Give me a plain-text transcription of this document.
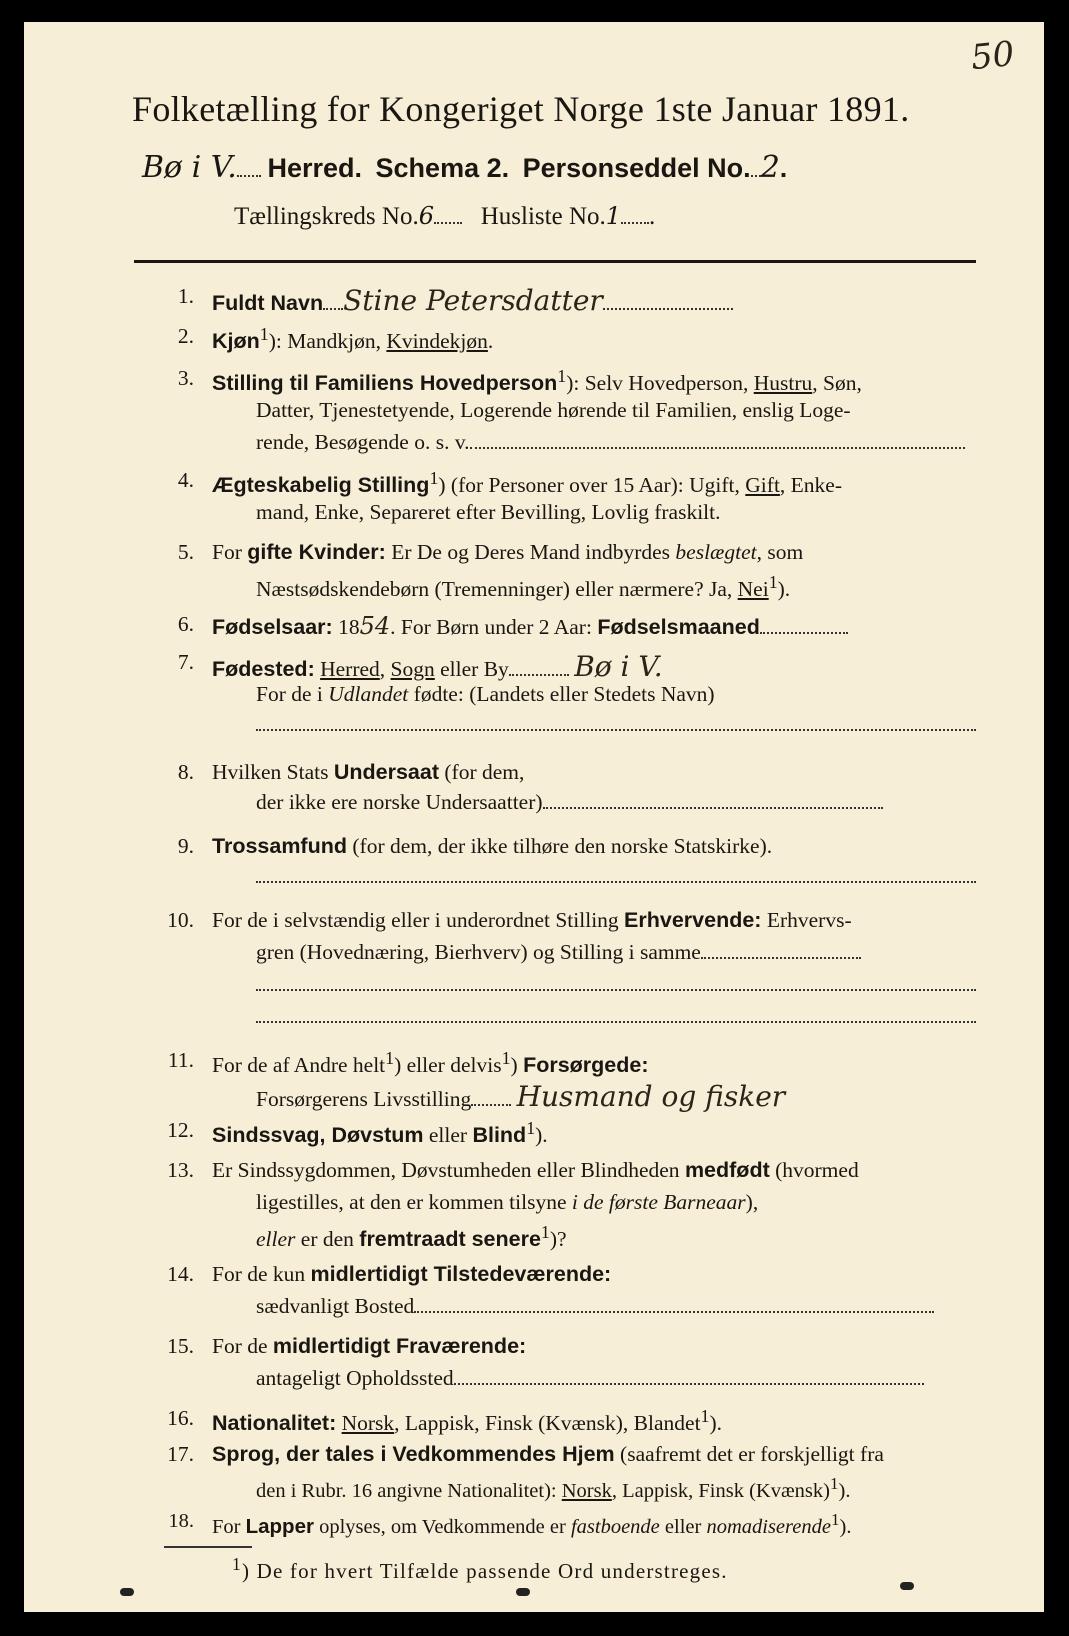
50
Folketælling for Kongeriget Norge 1ste Januar 1891.
Bø i V. Herred. Schema 2. Personseddel No. 2.
Tællingskreds No.6 Husliste No.1 .
1. Fuldt Navn Stine Petersdatter
2. Kjøn$^1$): Mandkjøn, Kvindekjøn.
3. Stilling til Familiens Hovedperson$^1$): Selv Hovedperson, Hustru, Søn,
Datter, Tjenestetyende, Logerende hørende til Familien, enslig Loge-
rende, Besøgende o. s. v.
4. Ægteskabelig Stilling$^1$) (for Personer over 15 Aar): Ugift, Gift, Enke-
mand, Enke, Separeret efter Bevilling, Lovlig fraskilt.
5. For gifte Kvinder: Er De og Deres Mand indbyrdes beslægtet, som
Næstsødskendebørn (Tremenninger) eller nærmere? Ja, Nei$^1$).
6. Fødselsaar: 1854. For Børn under 2 Aar: Fødselsmaaned
7. Fødested: Herred, Sogn eller By Bø i V.
For de i Udlandet fødte: (Landets eller Stedets Navn)
8. Hvilken Stats Undersaat (for dem,
der ikke ere norske Undersaatter)
9. Trossamfund (for dem, der ikke tilhøre den norske Statskirke).
10. For de i selvstændig eller i underordnet Stilling Erhvervende: Erhvervs-
gren (Hovednæring, Bierhverv) og Stilling i samme
11. For de af Andre helt$^1$) eller delvis$^1$) Forsørgede:
Forsørgerens Livsstilling Husmand og fisker
12. Sindssvag, Døvstum eller Blind$^1$).
13. Er Sindssygdommen, Døvstumheden eller Blindheden medfødt (hvormed
ligestilles, at den er kommen tilsyne i de første Barneaar),
eller er den fremtraadt senere$^1$)?
14. For de kun midlertidigt Tilstedeværende:
sædvanligt Bosted
15. For de midlertidigt Fraværende:
antageligt Opholdssted
16. Nationalitet: Norsk, Lappisk, Finsk (Kvænsk), Blandet$^1$).
17. Sprog, der tales i Vedkommendes Hjem (saafremt det er forskjelligt fra
den i Rubr. 16 angivne Nationalitet): Norsk, Lappisk, Finsk (Kvænsk)$^1$).
18. For Lapper oplyses, om Vedkommende er fastboende eller nomadiserende$^1$).
$^1$) De for hvert Tilfælde passende Ord understreges.
